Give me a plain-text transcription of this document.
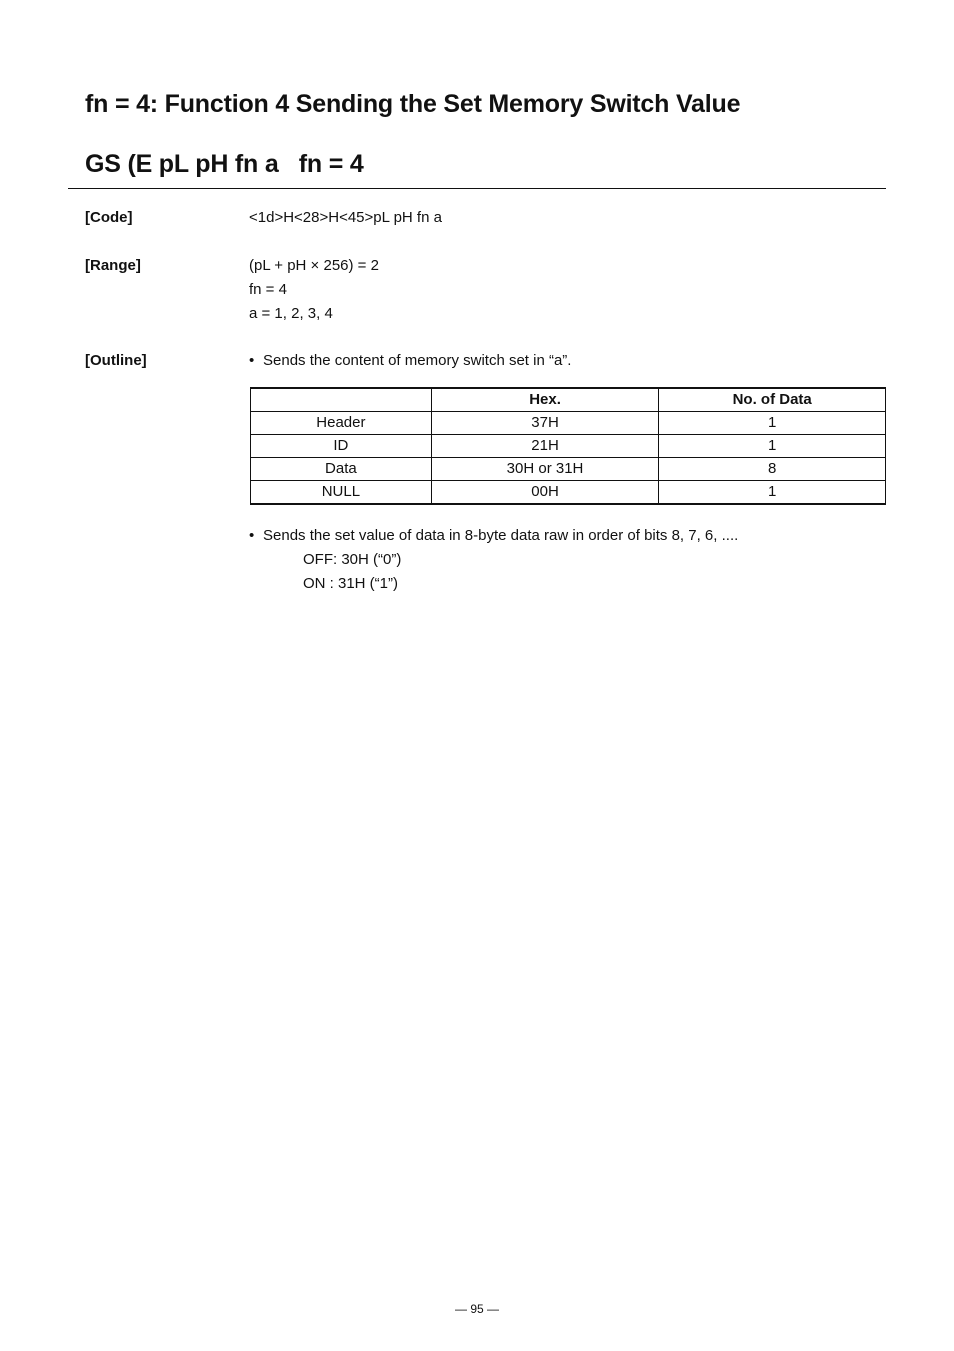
fn = 4: Function 4 Sending the Set Memory Switch Value
GS (E pL pH fn a   fn = 4
[Code]	<1d>H<28>H<45>pL pH fn a
[Range]	(pL + pH × 256) = 2
fn = 4
a = 1, 2, 3, 4
[Outline]	• Sends the content of memory switch set in “a”.
	Hex.	No. of Data
Header	37H	1
ID	21H	1
Data	30H or 31H	8
NULL	00H	1
• Sends the set value of data in 8-byte data raw in order of bits 8, 7, 6, ....
OFF: 30H (“0”)
ON : 31H (“1”)
— 95 —
